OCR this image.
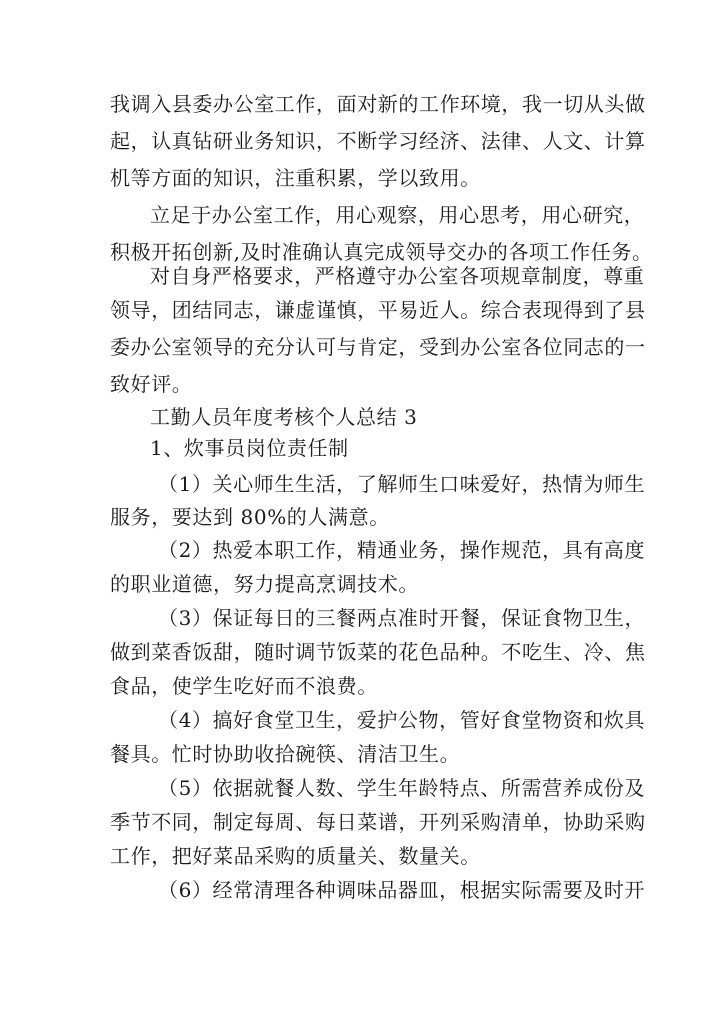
我调入县委办公室工作，面对新的工作环境，我一切从头做
起，认真钻研业务知识，不断学习经济、法律、人文、计算
机等方面的知识，注重积累，学以致用。
立足于办公室工作，用心观察，用心思考，用心研究，
积极开拓创新,及时准确认真完成领导交办的各项工作任务。
对自身严格要求，严格遵守办公室各项规章制度，尊重
领导，团结同志，谦虚谨慎，平易近人。综合表现得到了县
委办公室领导的充分认可与肯定，受到办公室各位同志的一
致好评。
工勤人员年度考核个人总结 3
1、炊事员岗位责任制
（1）关心师生生活，了解师生口味爱好，热情为师生
服务，要达到 80%的人满意。
（2）热爱本职工作，精通业务，操作规范，具有高度
的职业道德，努力提高烹调技术。
（3）保证每日的三餐两点准时开餐，保证食物卫生，
做到菜香饭甜，随时调节饭菜的花色品种。不吃生、冷、焦
食品，使学生吃好而不浪费。
（4）搞好食堂卫生，爱护公物，管好食堂物资和炊具
餐具。忙时协助收拾碗筷、清洁卫生。
（5）依据就餐人数、学生年龄特点、所需营养成份及
季节不同，制定每周、每日菜谱，开列采购清单，协助采购
工作，把好菜品采购的质量关、数量关。
（6）经常清理各种调味品器皿，根据实际需要及时开
